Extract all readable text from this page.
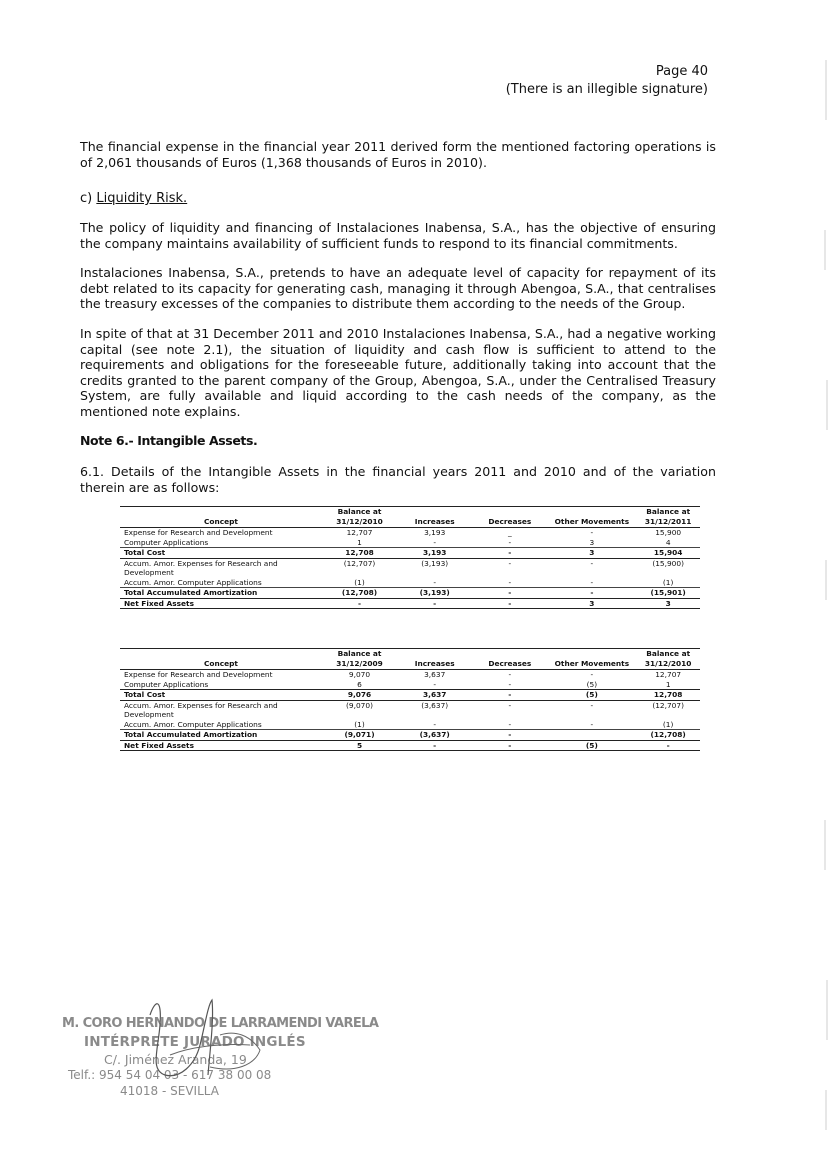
Page 40
(There is an illegible signature)
The financial expense in the financial year 2011 derived form the mentioned factoring operations is of 2,061 thousands of Euros (1,368 thousands of Euros in 2010).
c) Liquidity Risk.
The policy of liquidity and financing of Instalaciones Inabensa, S.A., has the objective of ensuring the company maintains availability of sufficient funds to respond to its financial commitments.
Instalaciones Inabensa, S.A., pretends to have an adequate level of capacity for repayment of its debt related to its capacity for generating cash, managing it through Abengoa, S.A., that centralises the treasury excesses of the companies to distribute them according to the needs of the Group.
In spite of that at 31 December 2011 and 2010 Instalaciones Inabensa, S.A., had a negative working capital (see note 2.1), the situation of liquidity and cash flow is sufficient to attend to the requirements and obligations for the foreseeable future, additionally taking into account that the credits granted to the parent company of the Group, Abengoa, S.A., under the Centralised Treasury System, are fully available and liquid according to the cash needs of the company, as the mentioned note explains.
Note 6.- Intangible Assets.
6.1. Details of the Intangible Assets in the financial years 2011 and 2010 and of the variation therein are as follows:
Concept	Balance at 31/12/2010	Increases	Decreases	Other Movements	Balance at 31/12/2011
Expense for Research and Development	12,707	3,193	_	-	15,900
Computer Applications	1	-	-	3	4
Total Cost	12,708	3,193	-	3	15,904
Accum. Amor. Expenses for Research and Development	(12,707)	(3,193)	-	-	(15,900)
Accum. Amor. Computer Applications	(1)	-	-	-	(1)
Total Accumulated Amortization	(12,708)	(3,193)	-	-	(15,901)
Net Fixed Assets	-	-	-	3	3
Concept	Balance at 31/12/2009	Increases	Decreases	Other Movements	Balance at 31/12/2010
Expense for Research and Development	9,070	3,637	-	-	12,707
Computer Applications	6	-	-	(5)	1
Total Cost	9,076	3,637	-	(5)	12,708
Accum. Amor. Expenses for Research and Development	(9,070)	(3,637)	-	-	(12,707)
Accum. Amor. Computer Applications	(1)	-	-	-	(1)
Total Accumulated Amortization	(9,071)	(3,637)	-		(12,708)
Net Fixed Assets	5	-	-	(5)	-
M. CORO HERNANDO DE LARRAMENDI VARELA
INTÉRPRETE JURADO INGLÉS
C/. Jiménez Aranda, 19
Telf.: 954 54 04 03 - 617 38 00 08
41018 - SEVILLA
